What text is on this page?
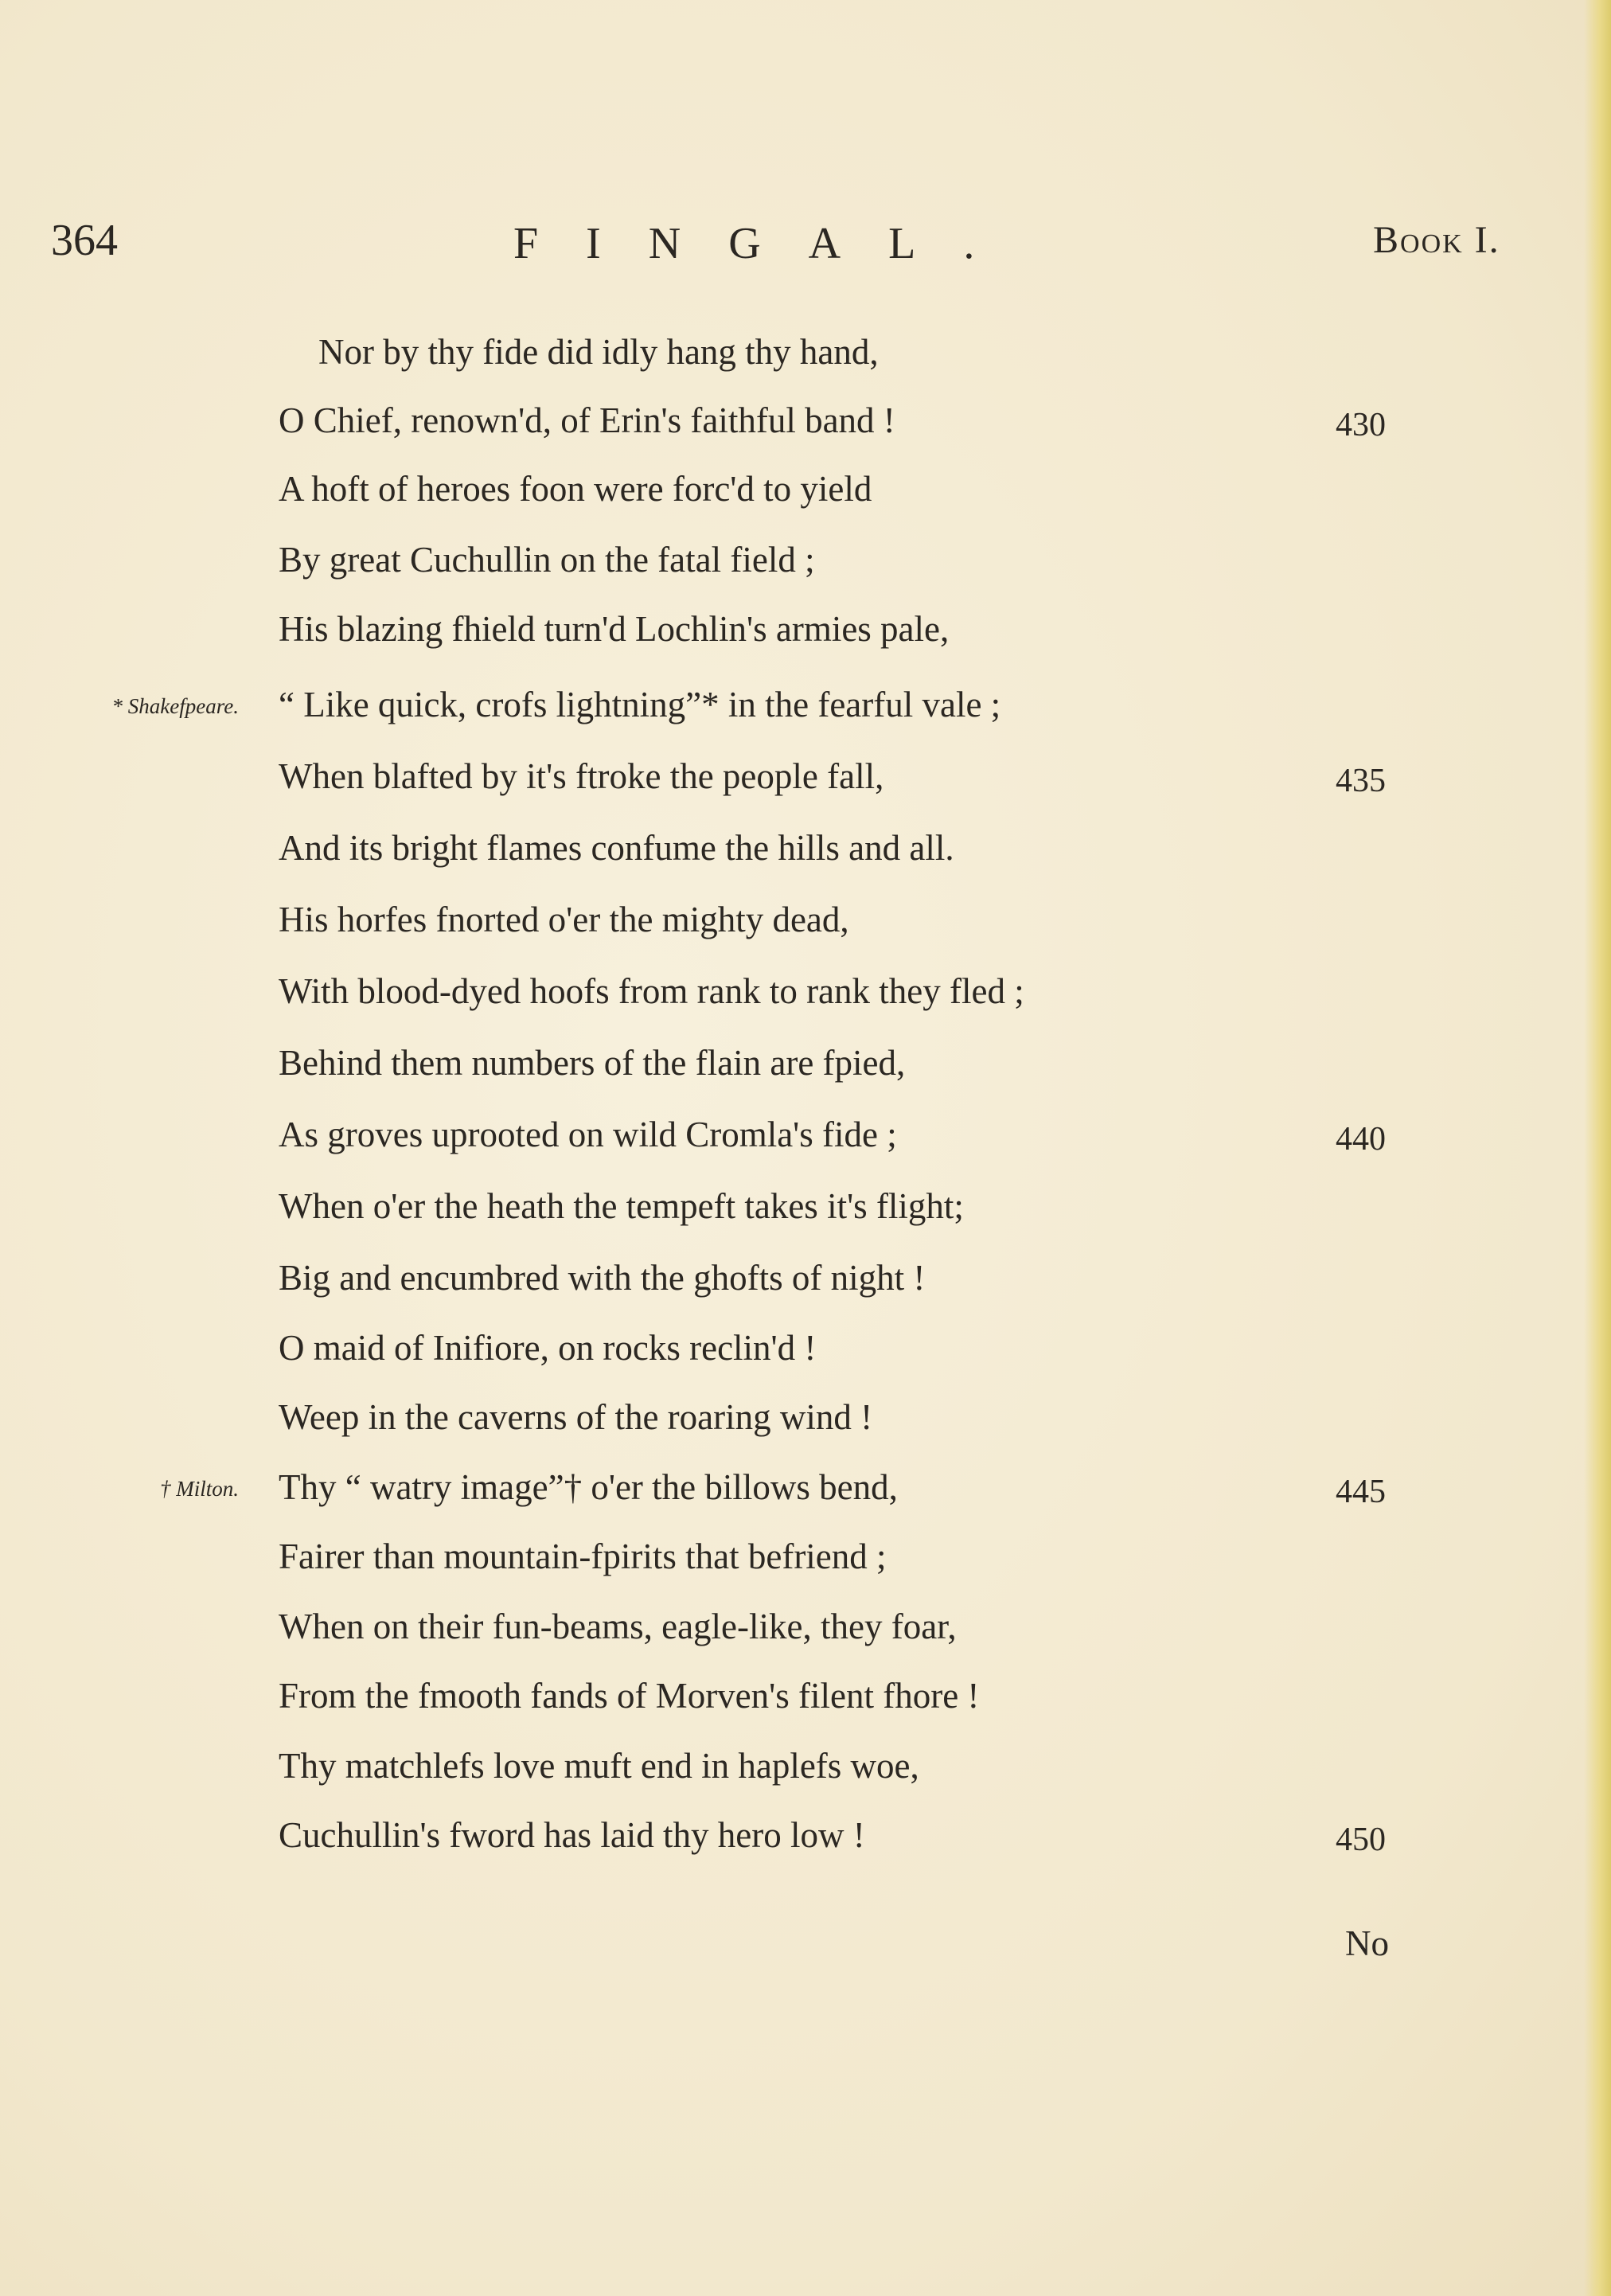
364	FINGAL.	Book I.
Nor by thy fide did idly hang thy hand,
O Chief, renown'd, of Erin's faithful band !	430
A hoft of heroes foon were forc'd to yield
By great Cuchullin on the fatal field ;
His blazing fhield turn'd Lochlin's armies pale,
“ Like quick, crofs lightning”* in the fearful vale ;
* Shakefpeare.
When blafted by it's ftroke the people fall,	435
And its bright flames confume the hills and all.
His horfes fnorted o'er the mighty dead,
With blood-dyed hoofs from rank to rank they fled ;
Behind them numbers of the flain are fpied,
As groves uprooted on wild Cromla's fide ;	440
When o'er the heath the tempeft takes it's flight;
Big and encumbred with the ghofts of night !
O maid of Inifiore, on rocks reclin'd !
Weep in the caverns of the roaring wind !
Thy “ watry image”† o'er the billows bend,	445
† Milton.
Fairer than mountain-fpirits that befriend ;
When on their fun-beams, eagle-like, they foar,
From the fmooth fands of Morven's filent fhore !
Thy matchlefs love muft end in haplefs woe,
Cuchullin's fword has laid thy hero low !	450
No
